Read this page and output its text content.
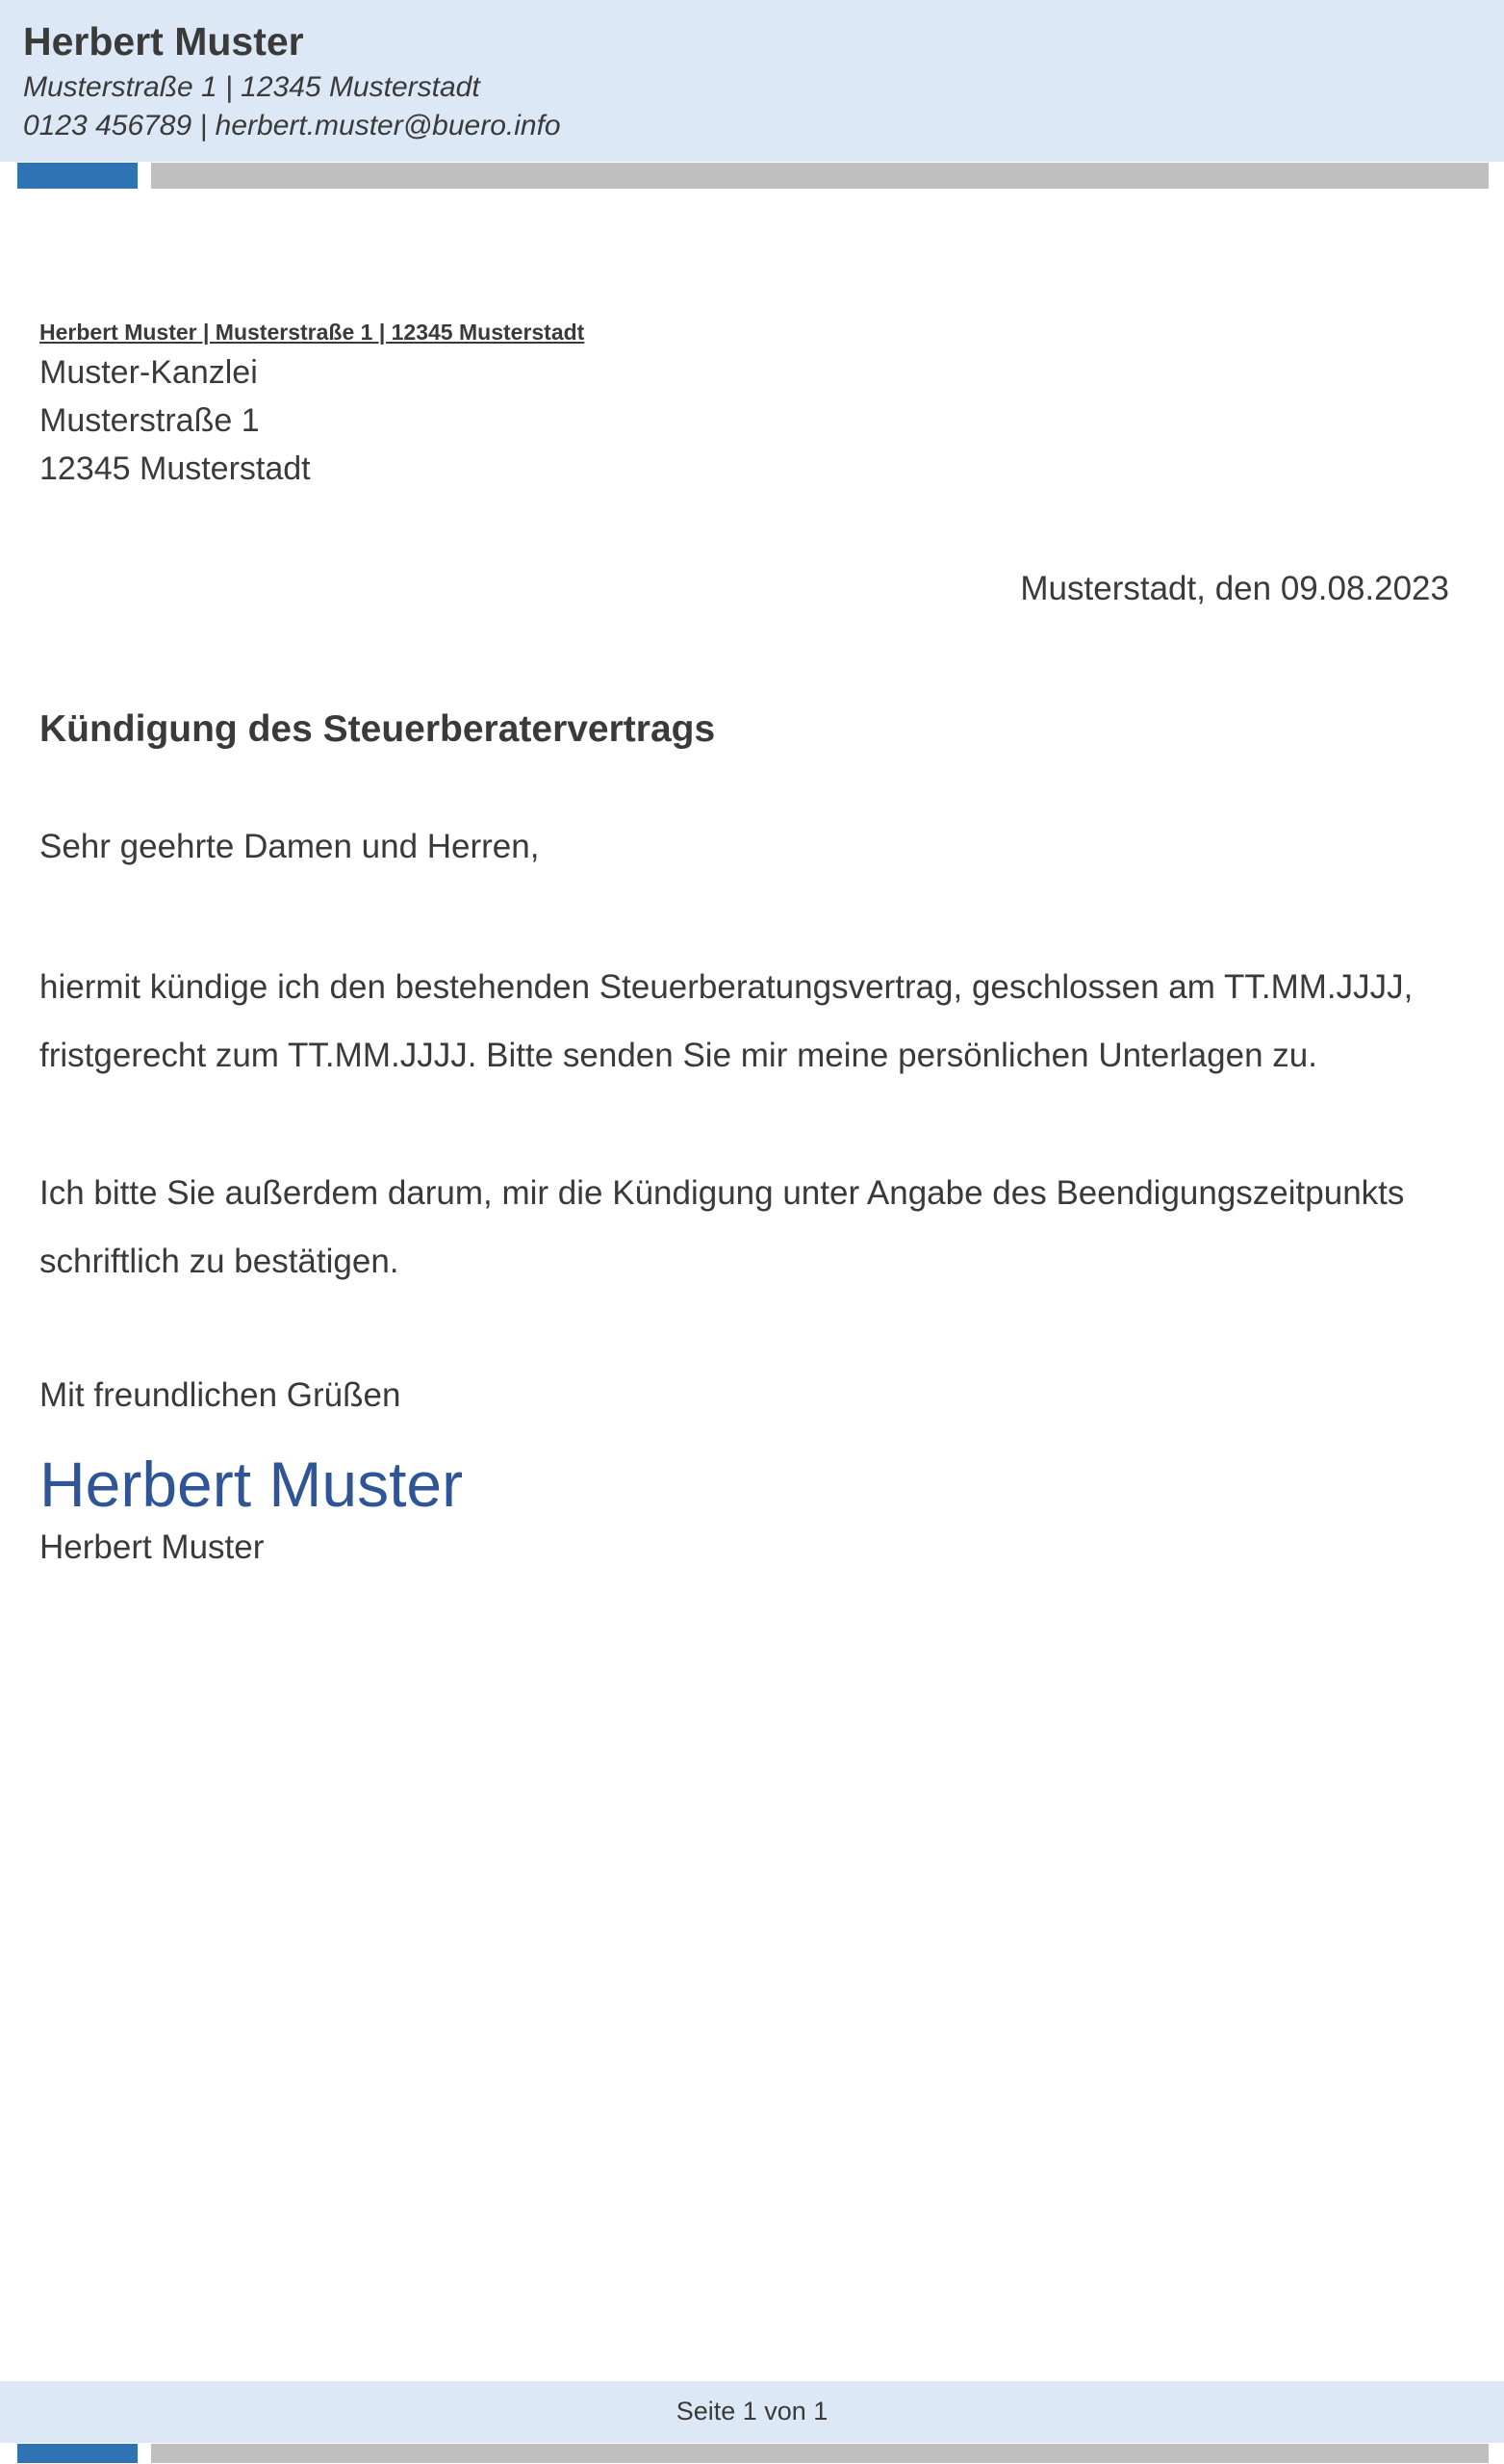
Herbert Muster
Musterstraße 1 | 12345 Musterstadt
0123 456789 | herbert.muster@buero.info
Herbert Muster | Musterstraße 1 | 12345 Musterstadt
Muster-Kanzlei
Musterstraße 1
12345 Musterstadt
Musterstadt, den 09.08.2023
Kündigung des Steuerberatervertrags
Sehr geehrte Damen und Herren,
hiermit kündige ich den bestehenden Steuerberatungsvertrag, geschlossen am TT.MM.JJJJ, fristgerecht zum TT.MM.JJJJ. Bitte senden Sie mir meine persönlichen Unterlagen zu.
Ich bitte Sie außerdem darum, mir die Kündigung unter Angabe des Beendigungszeitpunkts schriftlich zu bestätigen.
Mit freundlichen Grüßen
Herbert Muster
Herbert Muster
Seite 1 von 1
